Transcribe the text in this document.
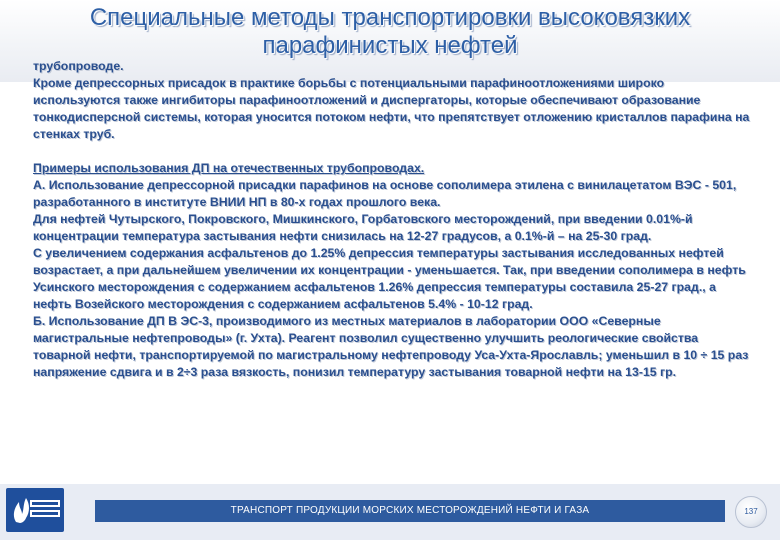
Специальные методы транспортировки высоковязких
парафинистых нефтей

трубопроводе.

Кроме депрессорных присадок в практике борьбы с потенциальными парафиноотложениями широко используются также ингибиторы парафиноотложений и диспергаторы, которые обеспечивают образование тонкодисперсной системы, которая уносится потоком нефти, что препятствует отложению кристаллов парафина на стенках труб.

Примеры использования ДП на отечественных трубопроводах.

А. Использование депрессорной присадки парафинов на основе сополимера этилена с винилацетатом ВЭС - 501, разработанного в институте ВНИИ НП в 80-х годах прошлого века.

Для нефтей Чутырского, Покровского, Мишкинского, Горбатовского месторождений, при введении 0.01%-й концентрации температура застывания нефти снизилась на 12-27 градусов, а 0.1%-й – на 25-30 град.

С увеличением содержания асфальтенов до 1.25% депрессия температуры застывания исследованных нефтей возрастает, а при дальнейшем увеличении их концентрации - уменьшается. Так, при введении сополимера в нефть Усинского месторождения с содержанием асфальтенов 1.26% депрессия температуры составила 25-27 град., а нефть Возейского месторождения с содержанием асфальтенов 5.4% - 10-12 град.

Б. Использование ДП В ЭС-3, производимого из местных материалов в лаборатории ООО «Северные магистральные нефтепроводы» (г. Ухта). Реагент позволил существенно улучшить реологические свойства товарной нефти, транспортируемой по магистральному нефтепроводу Уса-Ухта-Ярославль; уменьшил в 10 ÷ 15 раз напряжение сдвига и в 2÷3 раза вязкость, понизил температуру застывания товарной нефти на 13-15 гр.

ТРАНСПОРТ ПРОДУКЦИИ МОРСКИХ МЕСТОРОЖДЕНИЙ НЕФТИ И ГАЗА	137
